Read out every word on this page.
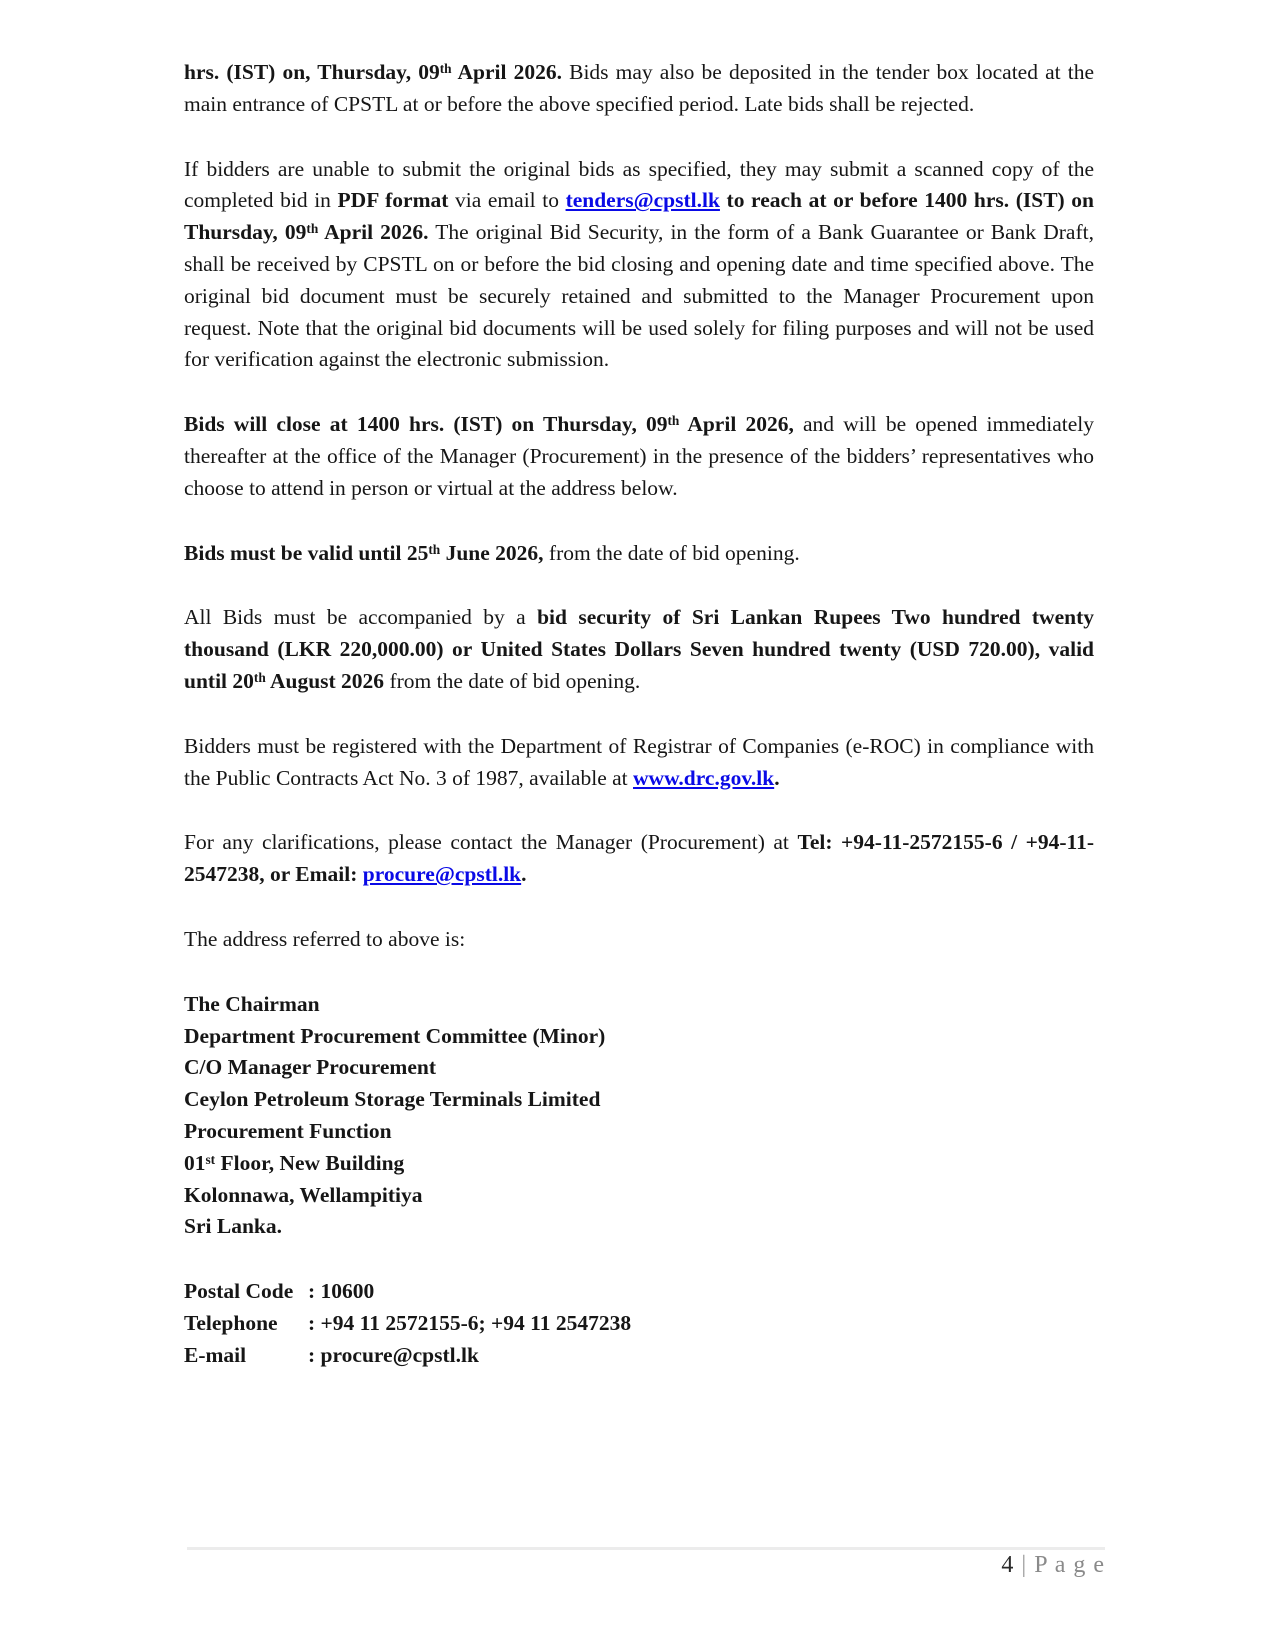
hrs. (IST) on, Thursday, 09th April 2026. Bids may also be deposited in the tender box located at the main entrance of CPSTL at or before the above specified period. Late bids shall be rejected.

If bidders are unable to submit the original bids as specified, they may submit a scanned copy of the completed bid in PDF format via email to tenders@cpstl.lk to reach at or before 1400 hrs. (IST) on Thursday, 09th April 2026. The original Bid Security, in the form of a Bank Guarantee or Bank Draft, shall be received by CPSTL on or before the bid closing and opening date and time specified above. The original bid document must be securely retained and submitted to the Manager Procurement upon request. Note that the original bid documents will be used solely for filing purposes and will not be used for verification against the electronic submission.

Bids will close at 1400 hrs. (IST) on Thursday, 09th April 2026, and will be opened immediately thereafter at the office of the Manager (Procurement) in the presence of the bidders’ representatives who choose to attend in person or virtual at the address below.

Bids must be valid until 25th June 2026, from the date of bid opening.

All Bids must be accompanied by a bid security of Sri Lankan Rupees Two hundred twenty thousand (LKR 220,000.00) or United States Dollars Seven hundred twenty (USD 720.00), valid until 20th August 2026 from the date of bid opening.

Bidders must be registered with the Department of Registrar of Companies (e-ROC) in compliance with the Public Contracts Act No. 3 of 1987, available at www.drc.gov.lk.

For any clarifications, please contact the Manager (Procurement) at Tel: +94-11-2572155-6 / +94-11-2547238, or Email: procure@cpstl.lk.

The address referred to above is:

The Chairman
Department Procurement Committee (Minor)
C/O Manager Procurement
Ceylon Petroleum Storage Terminals Limited
Procurement Function
01st Floor, New Building
Kolonnawa, Wellampitiya
Sri Lanka.
Postal Code : 10600
Telephone	: +94 11 2572155-6; +94 11 2547238
E-mail	: procure@cpstl.lk
4 | P a g e
